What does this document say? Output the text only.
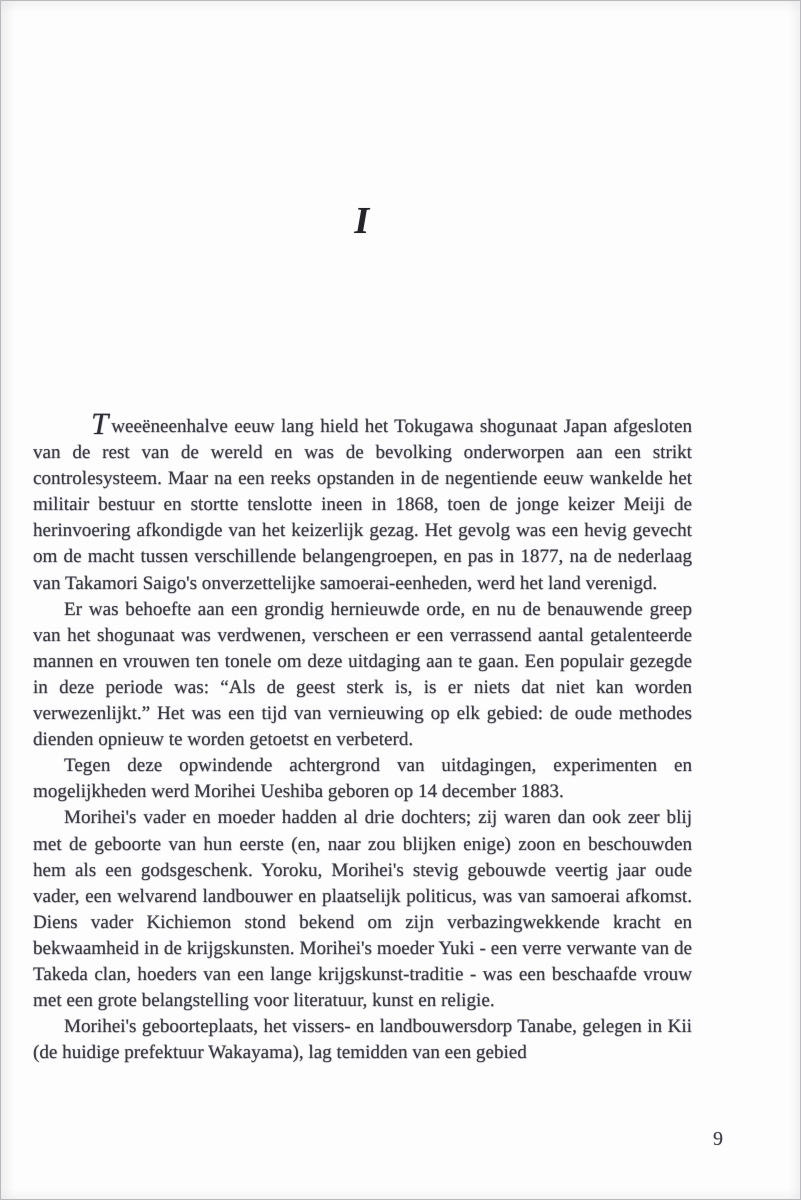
I

Tweeëneenhalve eeuw lang hield het Tokugawa shogunaat Japan afgesloten van de rest van de wereld en was de bevolking onderworpen aan een strikt controlesysteem. Maar na een reeks opstanden in de negentiende eeuw wankelde het militair bestuur en stortte tenslotte ineen in 1868, toen de jonge keizer Meiji de herinvoering afkondigde van het keizerlijk gezag. Het gevolg was een hevig gevecht om de macht tussen verschillende belangengroepen, en pas in 1877, na de nederlaag van Takamori Saigo's onverzettelijke samoerai-eenheden, werd het land verenigd.

Er was behoefte aan een grondig hernieuwde orde, en nu de benauwende greep van het shogunaat was verdwenen, verscheen er een verrassend aantal getalenteerde mannen en vrouwen ten tonele om deze uitdaging aan te gaan. Een populair gezegde in deze periode was: “Als de geest sterk is, is er niets dat niet kan worden verwezenlijkt.” Het was een tijd van vernieuwing op elk gebied: de oude methodes dienden opnieuw te worden getoetst en verbeterd.

Tegen deze opwindende achtergrond van uitdagingen, experimenten en mogelijkheden werd Morihei Ueshiba geboren op 14 december 1883.

Morihei's vader en moeder hadden al drie dochters; zij waren dan ook zeer blij met de geboorte van hun eerste (en, naar zou blijken enige) zoon en beschouwden hem als een godsgeschenk. Yoroku, Morihei's stevig gebouwde veertig jaar oude vader, een welvarend landbouwer en plaatselijk politicus, was van samoerai afkomst. Diens vader Kichiemon stond bekend om zijn verbazingwekkende kracht en bekwaamheid in de krijgskunsten. Morihei's moeder Yuki - een verre verwante van de Takeda clan, hoeders van een lange krijgskunst-traditie - was een beschaafde vrouw met een grote belangstelling voor literatuur, kunst en religie.

Morihei's geboorteplaats, het vissers- en landbouwersdorp Tanabe, gelegen in Kii (de huidige prefektuur Wakayama), lag temidden van een gebied

9
